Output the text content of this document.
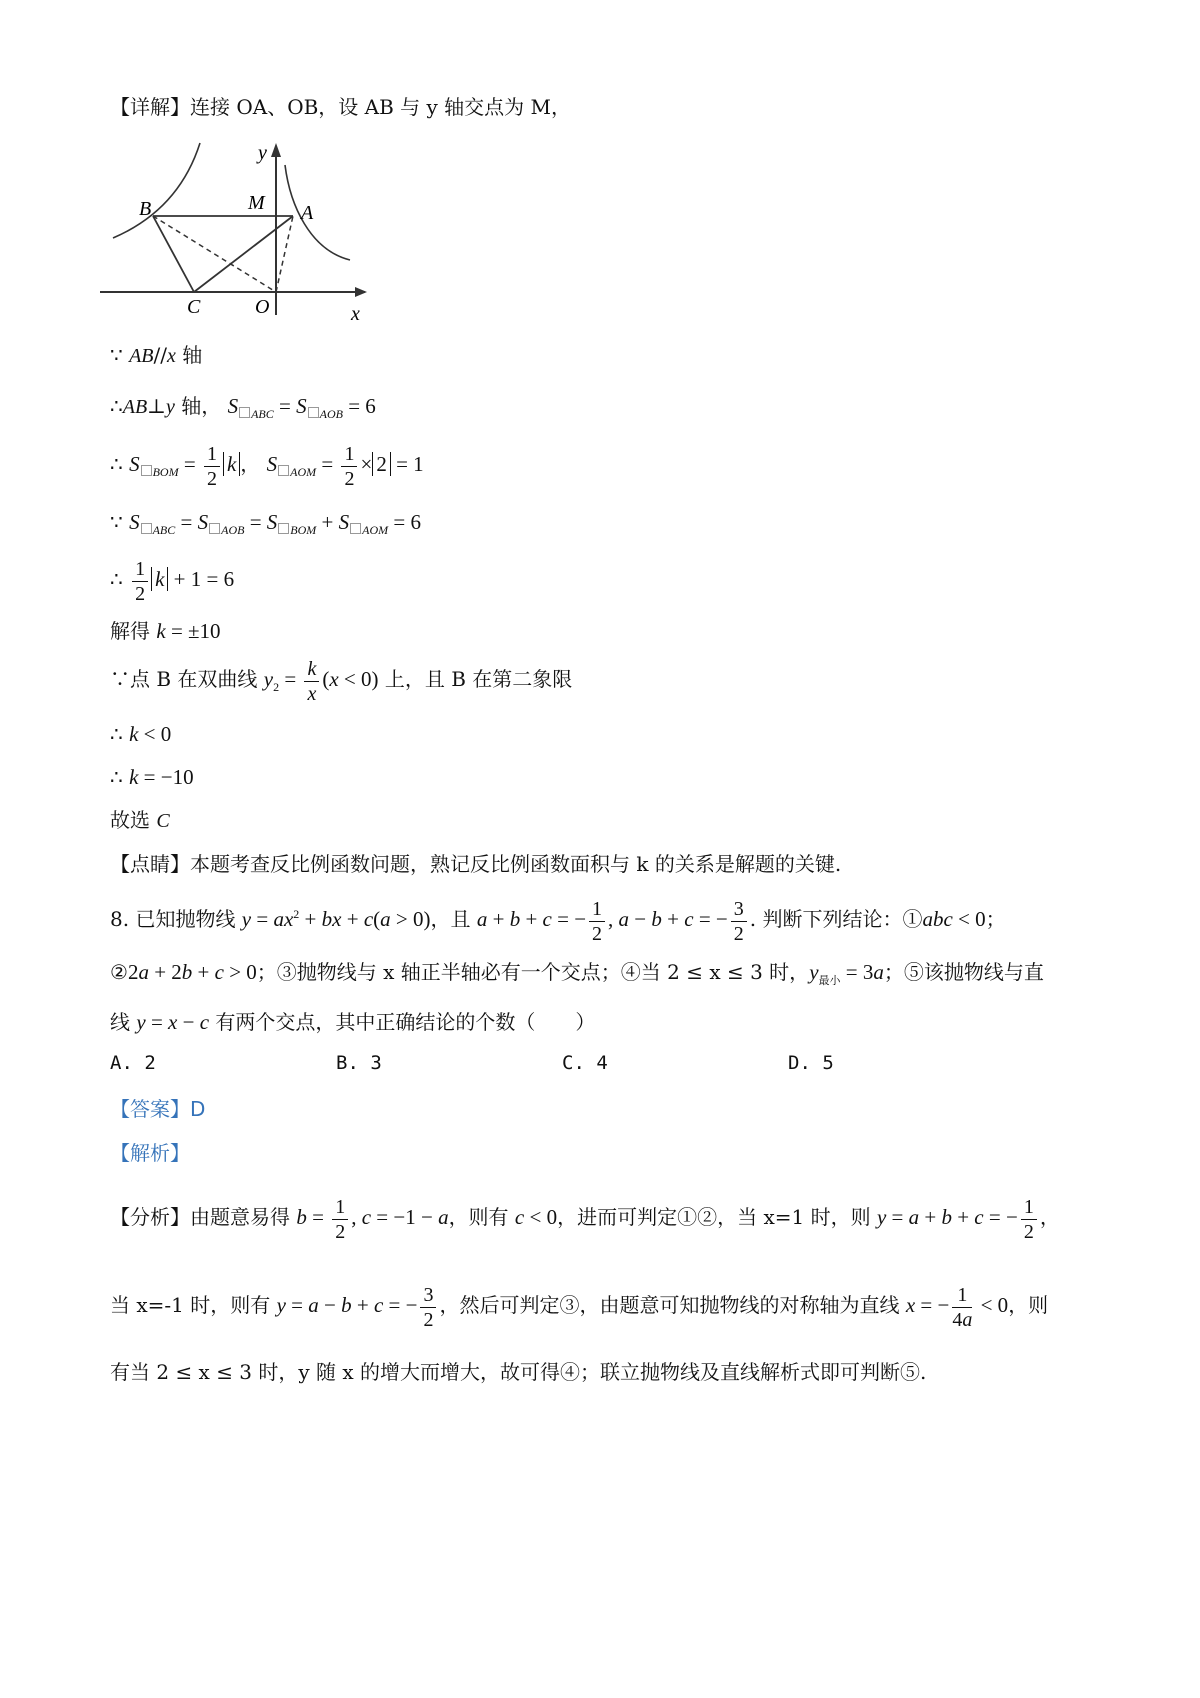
【详解】连接 OA、OB，设 AB 与 y 轴交点为 M，
y
B	M A
C	O	x
∵ AB//x 轴
∴AB⊥y 轴， S $_{ABC}$ = S $_{AOB}$ = 6
∴ S $_{BOM} = \frac{1}{2}$ k ， S $_{AOM} = \frac{1}{2} \times 2 = 1$
∵ S $_{ABC}$ = S $_{AOB}$ = S $_{BOM}$ + S $_{AOM}$ = 6
∴ $\frac{1}{2}$ k + 1 = 6
解得 k = ±10
∵点 B 在双曲线 $y_2 = \frac{k}{x} (x < 0)$ 上，且 B 在第二象限
∴ k < 0
∴ k = −10
故选 C
【点睛】本题考查反比例函数问题，熟记反比例函数面积与 k 的关系是解题的关键.
8. 已知抛物线 $y = ax^2$ + bx + c(a > 0)，且 a + b + c = − $\frac{1}{2}$ , a − b + c = − $\frac{3}{2}$ . 判断下列结论：①abc < 0；
②2a + 2b + c > 0；③抛物线与 x 轴正半轴必有一个交点；④当 2 ≤ x ≤ 3 时，$y_{最小} = 3a$；⑤该抛物线与直
线 y = x − c 有两个交点，其中正确结论的个数（　　）
A. 2	B. 3	C. 4	D. 5
【答案】D
【解析】
【分析】由题意易得 $b = \frac{1}{2}$ , c = −1 − a，则有 c < 0，进而可判定①②，当 x=1 时，则 y = a + b + c = − $\frac{1}{2}$ ，
当 x=-1 时，则有 y = a − b + c = − $\frac{3}{2}$ ，然后可判定③，由题意可知抛物线的对称轴为直线 x = − $\frac{1}{4a} < 0$，则
有当 2 ≤ x ≤ 3 时，y 随 x 的增大而增大，故可得④；联立抛物线及直线解析式即可判断⑤.
